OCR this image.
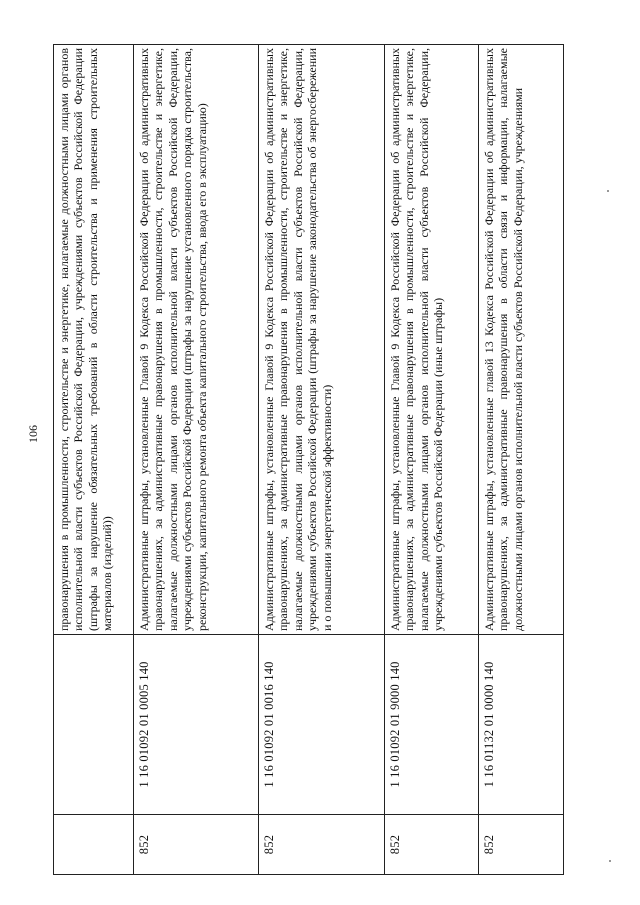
106
		правонарушения в промышленности, строительстве и энергетике, налагаемые должностными лицами органов исполнительной власти субъектов Российской Федерации, учреждениями субъектов Российской Федерации (штрафы за нарушение обязательных требований в области строительства и применения строительных материалов (изделий))
852	1 16 01092 01 0005 140	Административные штрафы, установленные Главой 9 Кодекса Российской Федерации об административных правонарушениях, за административные правонарушения в промышленности, строительстве и энергетике, налагаемые должностными лицами органов исполнительной власти субъектов Российской Федерации, учреждениями субъектов Российской Федерации (штрафы за нарушение установленного порядка строительства, реконструкции, капитального ремонта объекта капитального строительства, ввода его в эксплуатацию)
852	1 16 01092 01 0016 140	Административные штрафы, установленные Главой 9 Кодекса Российской Федерации об административных правонарушениях, за административные правонарушения в промышленности, строительстве и энергетике, налагаемые должностными лицами органов исполнительной власти субъектов Российской Федерации, учреждениями субъектов Российской Федерации (штрафы за нарушение законодательства об энергосбережении и о повышении энергетической эффективности)
852	1 16 01092 01 9000 140	Административные штрафы, установленные Главой 9 Кодекса Российской Федерации об административных правонарушениях, за административные правонарушения в промышленности, строительстве и энергетике, налагаемые должностными лицами органов исполнительной власти субъектов Российской Федерации, учреждениями субъектов Российской Федерации (иные штрафы)
852	1 16 01132 01 0000 140	Административные штрафы, установленные главой 13 Кодекса Российской Федерации об административных правонарушениях, за административные правонарушения в области связи и информации, налагаемые должностными лицами органов исполнительной власти субъектов Российской Федерации, учреждениями
